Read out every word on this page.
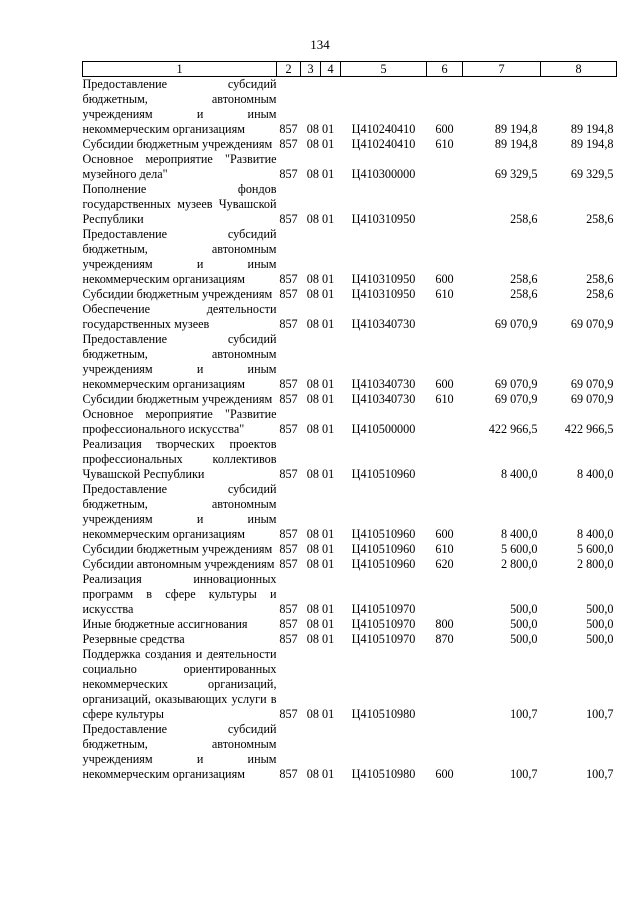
134
1	2	3	4	5	6	7	8
Предоставление субсидий бюджетным, автономным учреждениям и иным некоммерческим организациям	857	08 01		Ц410240410	600	89 194,8	89 194,8
Субсидии бюджетным учреждениям	857	08 01		Ц410240410	610	89 194,8	89 194,8
Основное мероприятие "Развитие музейного дела"	857	08 01		Ц410300000		69 329,5	69 329,5
Пополнение фондов государственных музеев Чувашской Республики	857	08 01		Ц410310950		258,6	258,6
Предоставление субсидий бюджетным, автономным учреждениям и иным некоммерческим организациям	857	08 01		Ц410310950	600	258,6	258,6
Субсидии бюджетным учреждениям	857	08 01		Ц410310950	610	258,6	258,6
Обеспечение деятельности государственных музеев	857	08 01		Ц410340730		69 070,9	69 070,9
Предоставление субсидий бюджетным, автономным учреждениям и иным некоммерческим организациям	857	08 01		Ц410340730	600	69 070,9	69 070,9
Субсидии бюджетным учреждениям	857	08 01		Ц410340730	610	69 070,9	69 070,9
Основное мероприятие "Развитие профессионального искусства"	857	08 01		Ц410500000		422 966,5	422 966,5
Реализация творческих проектов профессиональных коллективов Чувашской Республики	857	08 01		Ц410510960		8 400,0	8 400,0
Предоставление субсидий бюджетным, автономным учреждениям и иным некоммерческим организациям	857	08 01		Ц410510960	600	8 400,0	8 400,0
Субсидии бюджетным учреждениям	857	08 01		Ц410510960	610	5 600,0	5 600,0
Субсидии автономным учреждениям	857	08 01		Ц410510960	620	2 800,0	2 800,0
Реализация инновационных программ в сфере культуры и искусства	857	08 01		Ц410510970		500,0	500,0
Иные бюджетные ассигнования	857	08 01		Ц410510970	800	500,0	500,0
Резервные средства	857	08 01		Ц410510970	870	500,0	500,0
Поддержка создания и деятельности социально ориентированных некоммерческих организаций, организаций, оказывающих услуги в сфере культуры	857	08 01		Ц410510980		100,7	100,7
Предоставление субсидий бюджетным, автономным учреждениям и иным некоммерческим организациям	857	08 01		Ц410510980	600	100,7	100,7
